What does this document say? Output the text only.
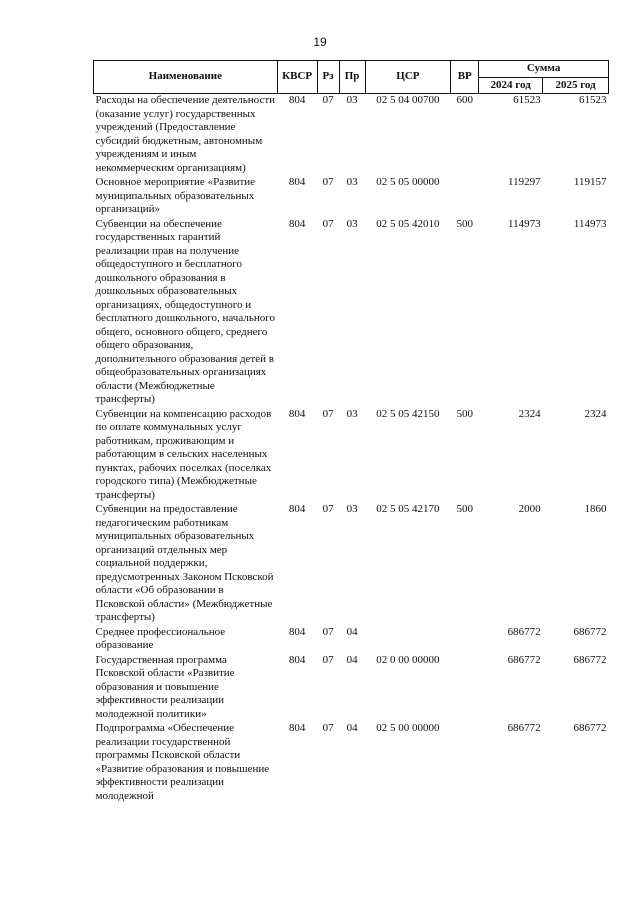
19
Наименование	КВСР	Рз	Пр	ЦСР	ВР	Сумма	
						2024 год	2025 год
Расходы на обеспечение деятельности (оказание услуг) государственных учреждений (Предоставление субсидий бюджетным, автономным учреждениям и иным некоммерческим организациям)	804	07	03	02 5 04 00700	600	61523	61523
Основное мероприятие «Развитие муниципальных образовательных организаций»	804	07	03	02 5 05 00000		119297	119157
Субвенции на обеспечение государственных гарантий реализации прав на получение общедоступного и бесплатного дошкольного образования в дошкольных образовательных организациях, общедоступного и бесплатного дошкольного, начального общего, основного общего, среднего общего образования, дополнительного образования детей в общеобразовательных организациях области (Межбюджетные трансферты)	804	07	03	02 5 05 42010	500	114973	114973
Субвенции на компенсацию расходов по оплате коммунальных услуг работникам, проживающим и работающим в сельских населенных пунктах, рабочих поселках (поселках городского типа) (Межбюджетные трансферты)	804	07	03	02 5 05 42150	500	2324	2324
Субвенции на предоставление педагогическим работникам муниципальных образовательных организаций отдельных мер социальной поддержки, предусмотренных Законом Псковской области «Об образовании в Псковской области» (Межбюджетные трансферты)	804	07	03	02 5 05 42170	500	2000	1860
Среднее профессиональное образование	804	07	04			686772	686772
Государственная программа Псковской области «Развитие образования и повышение эффективности реализации молодежной политики»	804	07	04	02 0 00 00000		686772	686772
Подпрограмма «Обеспечение реализации государственной программы Псковской области «Развитие образования и повышение эффективности реализации молодежной	804	07	04	02 5 00 00000		686772	686772
